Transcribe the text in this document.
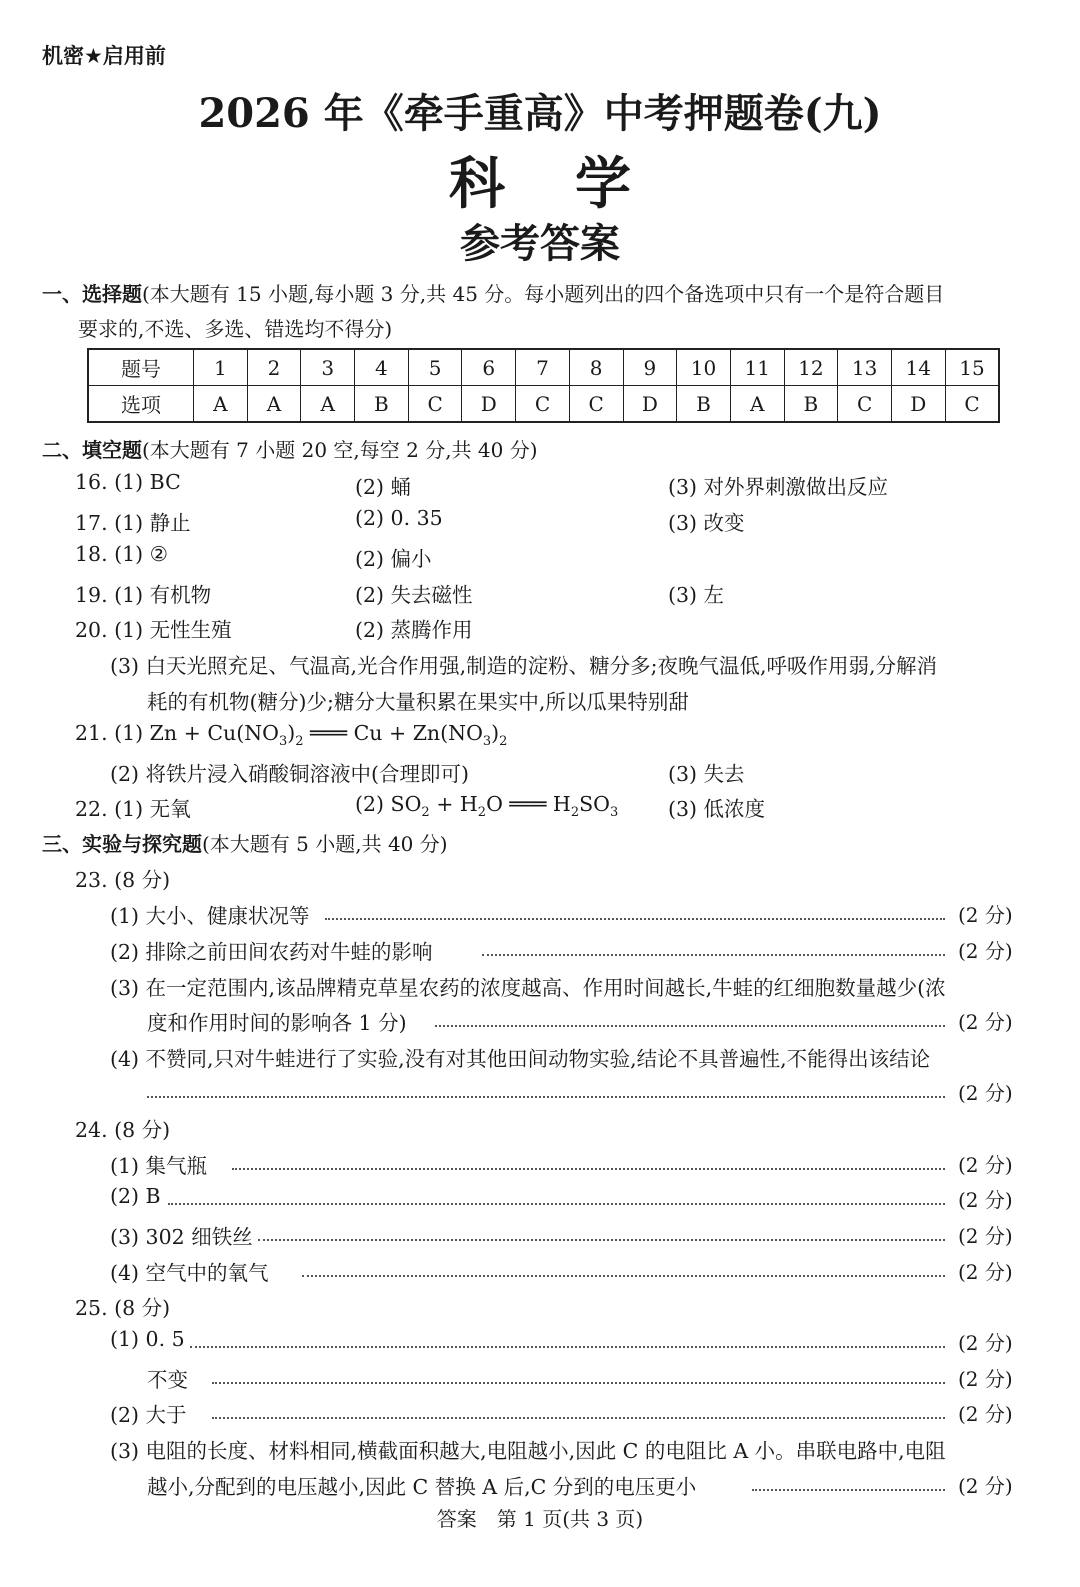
机密★启用前
2026 年《牵手重高》中考押题卷(九)
科学
参考答案
一、选择题(本大题有 15 小题,每小题 3 分,共 45 分。每小题列出的四个备选项中只有一个是符合题目
要求的,不选、多选、错选均不得分)
题号	1	2	3	4	5	6	7	8	9	10	11	12	13	14	15
选项	A	A	A	B	C	D	C	C	D	B	A	B	C	D	C
二、填空题(本大题有 7 小题 20 空,每空 2 分,共 40 分)
16. (1) BC	(2) 蛹	(3) 对外界刺激做出反应
17. (1) 静止	(2) 0. 35	(3) 改变
18. (1) ②	(2) 偏小
19. (1) 有机物	(2) 失去磁性	(3) 左
20. (1) 无性生殖	(2) 蒸腾作用
(3) 白天光照充足、气温高,光合作用强,制造的淀粉、糖分多;夜晚气温低,呼吸作用弱,分解消
耗的有机物(糖分)少;糖分大量积累在果实中,所以瓜果特别甜
21. (1) $Zn + Cu(NO_3)_2$ ═══ $Cu + Zn(NO_3)_2$
(2) 将铁片浸入硝酸铜溶液中(合理即可)	(3) 失去
22. (1) 无氧	(2) $SO_2 + H_2O$ ═══ $H_2SO_3$ (3) 低浓度
三、实验与探究题(本大题有 5 小题,共 40 分)
23. (8 分)
(1) 大小、健康状况等	(2 分)
(2) 排除之前田间农药对牛蛙的影响	(2 分)
(3) 在一定范围内,该品牌精克草星农药的浓度越高、作用时间越长,牛蛙的红细胞数量越少(浓
度和作用时间的影响各 1 分)	(2 分)
(4) 不赞同,只对牛蛙进行了实验,没有对其他田间动物实验,结论不具普遍性,不能得出该结论
(2 分)
24. (8 分)
(1) 集气瓶	(2 分)
(2) B	(2 分)
(3) 302 细铁丝	(2 分)
(4) 空气中的氧气	(2 分)
25. (8 分)
(1) 0. 5	(2 分)
不变	(2 分)
(2) 大于	(2 分)
(3) 电阻的长度、材料相同,横截面积越大,电阻越小,因此 C 的电阻比 A 小。串联电路中,电阻
越小,分配到的电压越小,因此 C 替换 A 后,C 分到的电压更小	(2 分)
答案　第 1 页(共 3 页)
